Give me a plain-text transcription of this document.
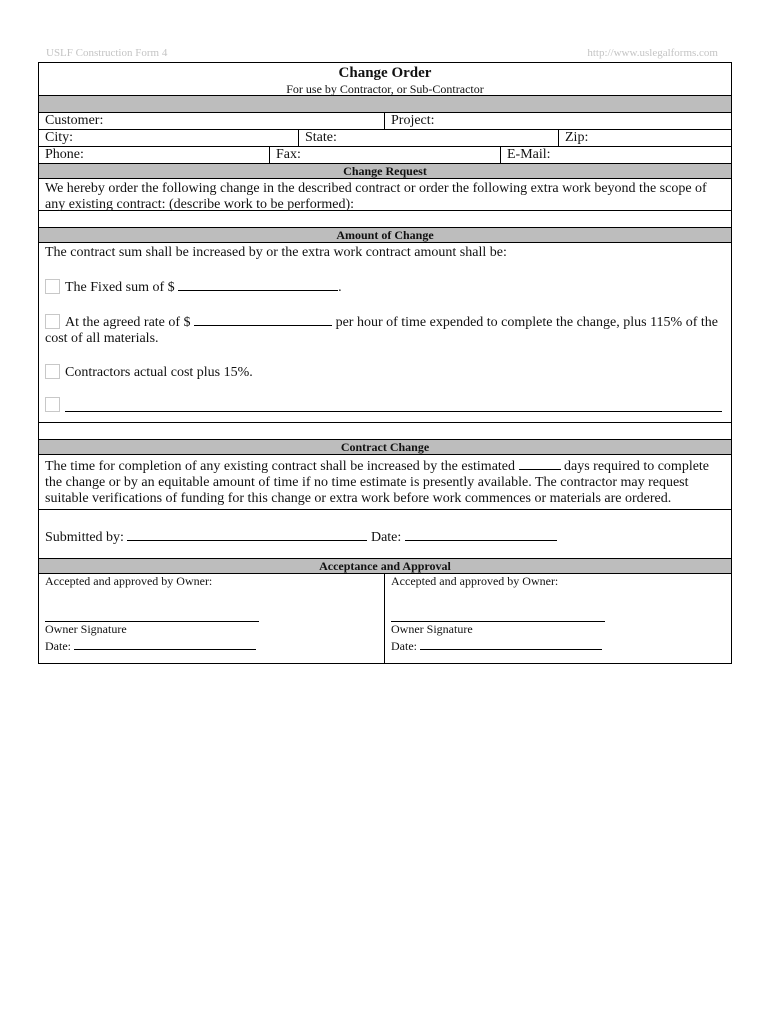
USLF Construction Form 4	http://www.uslegalforms.com
Change Order
For use by Contractor, or Sub-Contractor
Customer:	Project:
City:	State:	Zip:
Phone:	Fax:	E-Mail:
Change Request
We hereby order the following change in the described contract or order the following extra work beyond the scope of any existing contract: (describe work to be performed):
Amount of Change
The contract sum shall be increased by or the extra work contract amount shall be:
The Fixed sum of $	.
At the agreed rate of $	per hour of time expended to complete the change, plus 115% of the
cost of all materials.
Contractors actual cost plus 15%.
Contract Change
The time for completion of any existing contract shall be increased by the estimated	days required to complete the change or by an equitable amount of time if no time estimate is presently available. The contractor may request suitable verifications of funding for this change or extra work before work commences or materials are ordered.
Submitted by:	Date:
Acceptance and Approval
Accepted and approved by Owner:
Owner Signature
Date:
Accepted and approved by Owner:
Owner Signature
Date:
